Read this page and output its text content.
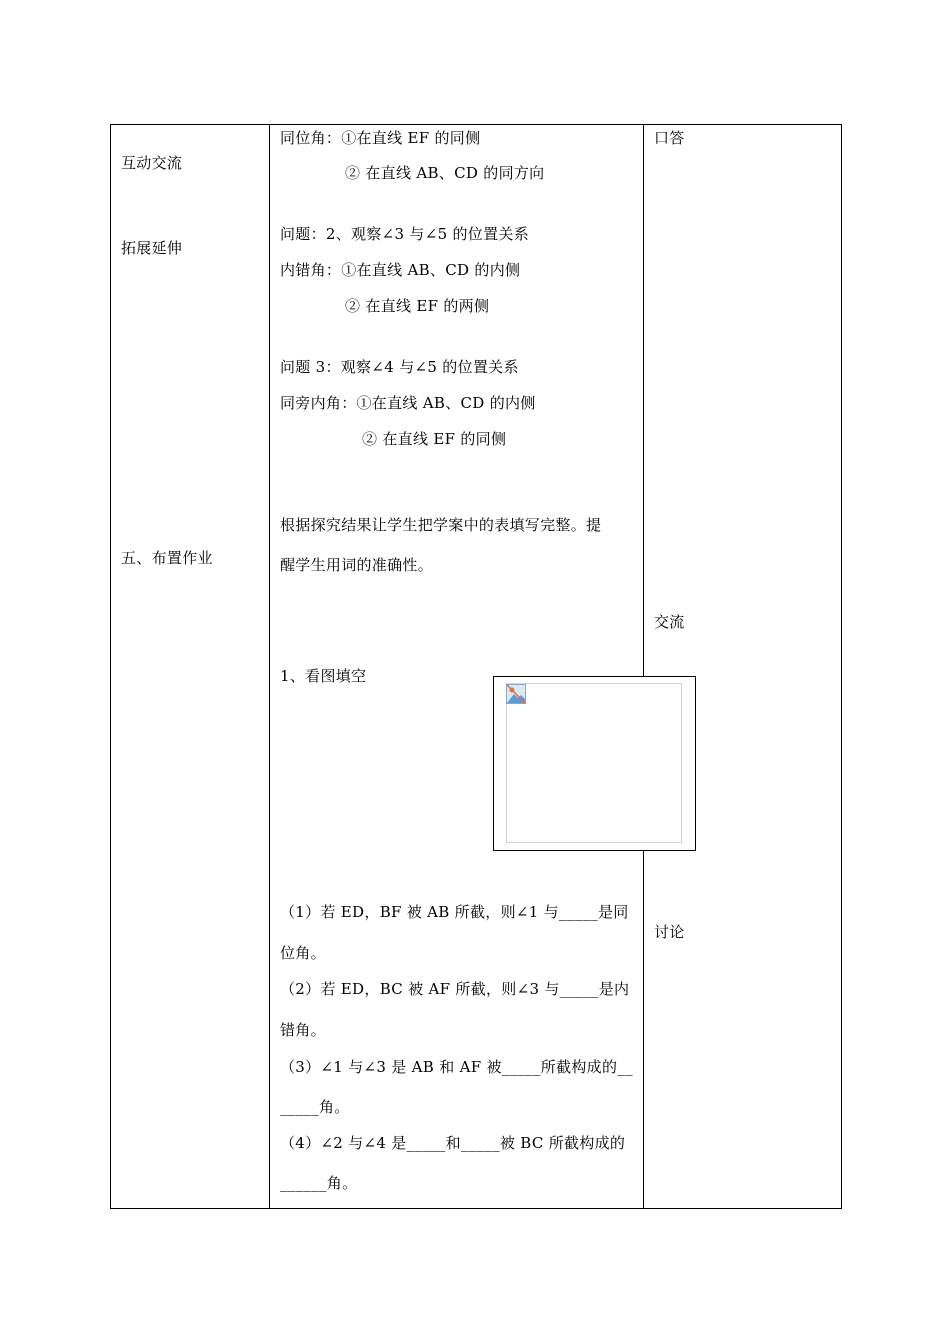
互动交流
拓展延伸
五、布置作业
同位角：①在直线 EF 的同侧
② 在直线 AB、CD 的同方向
问题：2、观察∠3 与∠5 的位置关系
内错角：①在直线 AB、CD 的内侧
② 在直线 EF 的两侧
问题 3：观察∠4 与∠5 的位置关系
同旁内角：①在直线 AB、CD 的内侧
② 在直线 EF 的同侧
根据探究结果让学生把学案中的表填写完整。提
醒学生用词的准确性。
1、看图填空
（1）若 ED，BF 被 AB 所截，则∠1 与_____是同
位角。
（2）若 ED，BC 被 AF 所截，则∠3 与_____是内
错角。
（3）∠1 与∠3 是 AB 和 AF 被_____所截构成的__
_____角。
（4）∠2 与∠4 是_____和_____被 BC 所截构成的
______角。
口答
交流
讨论
